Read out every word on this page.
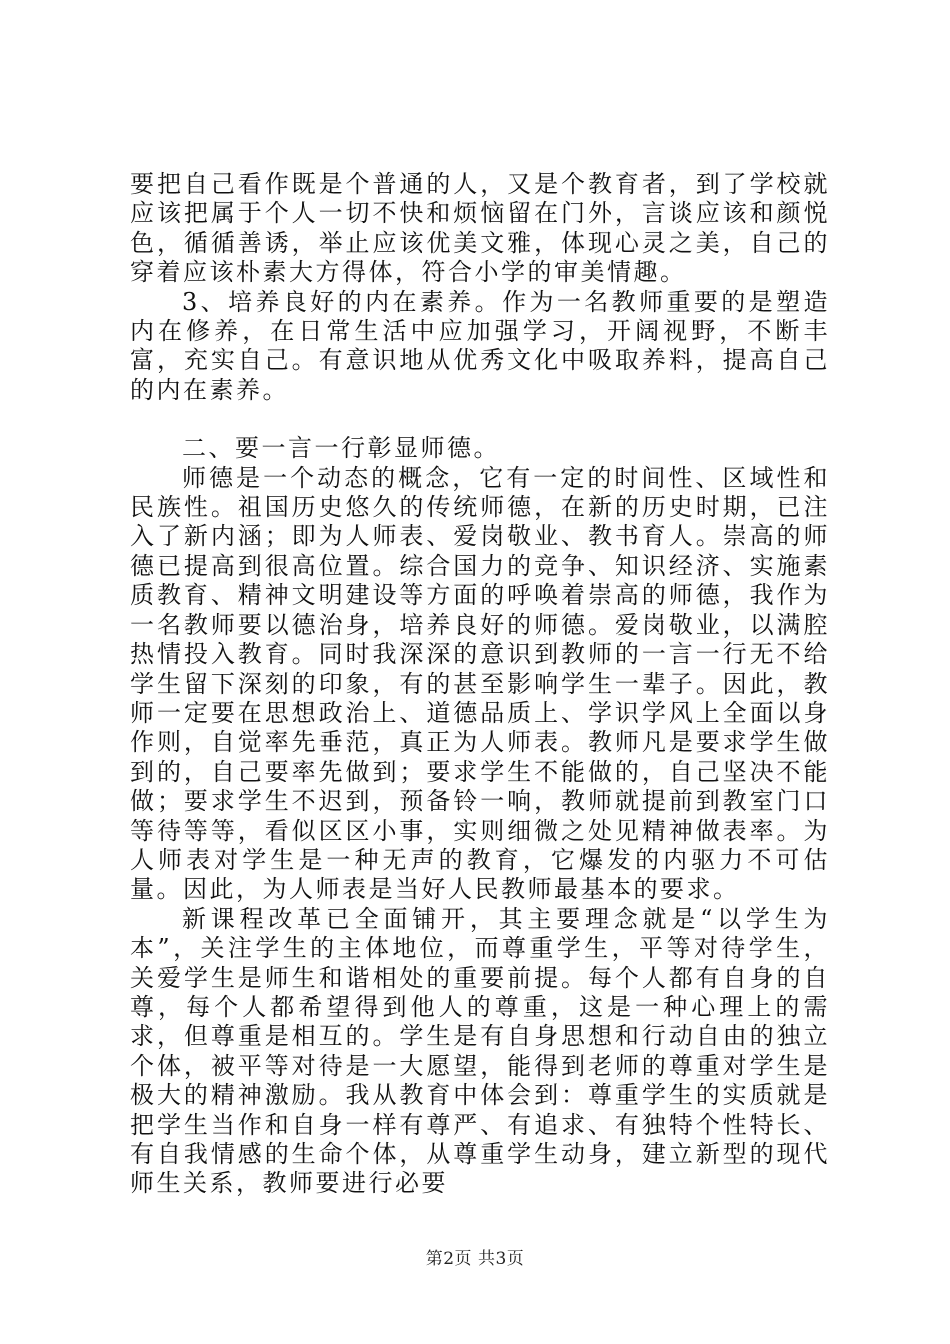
要把自己看作既是个普通的人，又是个教育者，到了学校就应该把属于个人一切不快和烦恼留在门外，言谈应该和颜悦色，循循善诱，举止应该优美文雅，体现心灵之美，自己的穿着应该朴素大方得体，符合小学的审美情趣。

3、培养良好的内在素养。作为一名教师重要的是塑造内在修养，在日常生活中应加强学习，开阔视野，不断丰富，充实自己。有意识地从优秀文化中吸取养料，提高自己的内在素养。

二、要一言一行彰显师德。

师德是一个动态的概念，它有一定的时间性、区域性和民族性。祖国历史悠久的传统师德，在新的历史时期，已注入了新内涵；即为人师表、爱岗敬业、教书育人。崇高的师德已提高到很高位置。综合国力的竞争、知识经济、实施素质教育、精神文明建设等方面的呼唤着崇高的师德，我作为一名教师要以德治身，培养良好的师德。爱岗敬业，以满腔热情投入教育。同时我深深的意识到教师的一言一行无不给学生留下深刻的印象，有的甚至影响学生一辈子。因此，教师一定要在思想政治上、道德品质上、学识学风上全面以身作则，自觉率先垂范，真正为人师表。教师凡是要求学生做到的，自己要率先做到；要求学生不能做的，自己坚决不能做；要求学生不迟到，预备铃一响，教师就提前到教室门口等待等等，看似区区小事，实则细微之处见精神做表率。为人师表对学生是一种无声的教育，它爆发的内驱力不可估量。因此，为人师表是当好人民教师最基本的要求。

新课程改革已全面铺开，其主要理念就是“以学生为本”，关注学生的主体地位，而尊重学生，平等对待学生，关爱学生是师生和谐相处的重要前提。每个人都有自身的自尊，每个人都希望得到他人的尊重，这是一种心理上的需求，但尊重是相互的。学生是有自身思想和行动自由的独立个体，被平等对待是一大愿望，能得到老师的尊重对学生是极大的精神激励。我从教育中体会到：尊重学生的实质就是把学生当作和自身一样有尊严、有追求、有独特个性特长、有自我情感的生命个体，从尊重学生动身，建立新型的现代师生关系，教师要进行必要

第2页 共3页
